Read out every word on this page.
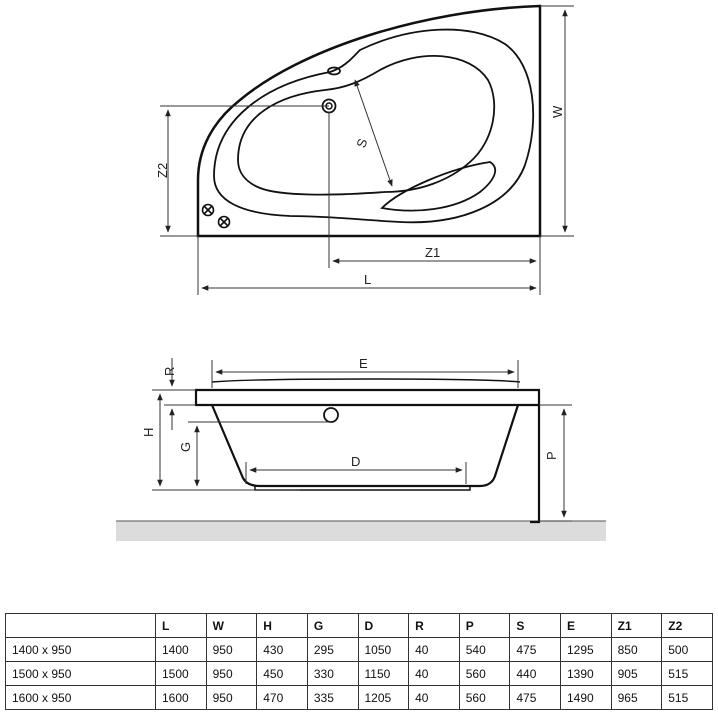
W
Z2
Z1
L
S
R
E
H
G
D	P
	L	W	H	G	D	R	P	S	E	Z1	Z2
1400 x 950	1400	950	430	295	1050	40	540	475	1295	850	500
1500 x 950	1500	950	450	330	1150	40	560	440	1390	905	515
1600 x 950	1600	950	470	335	1205	40	560	475	1490	965	515
